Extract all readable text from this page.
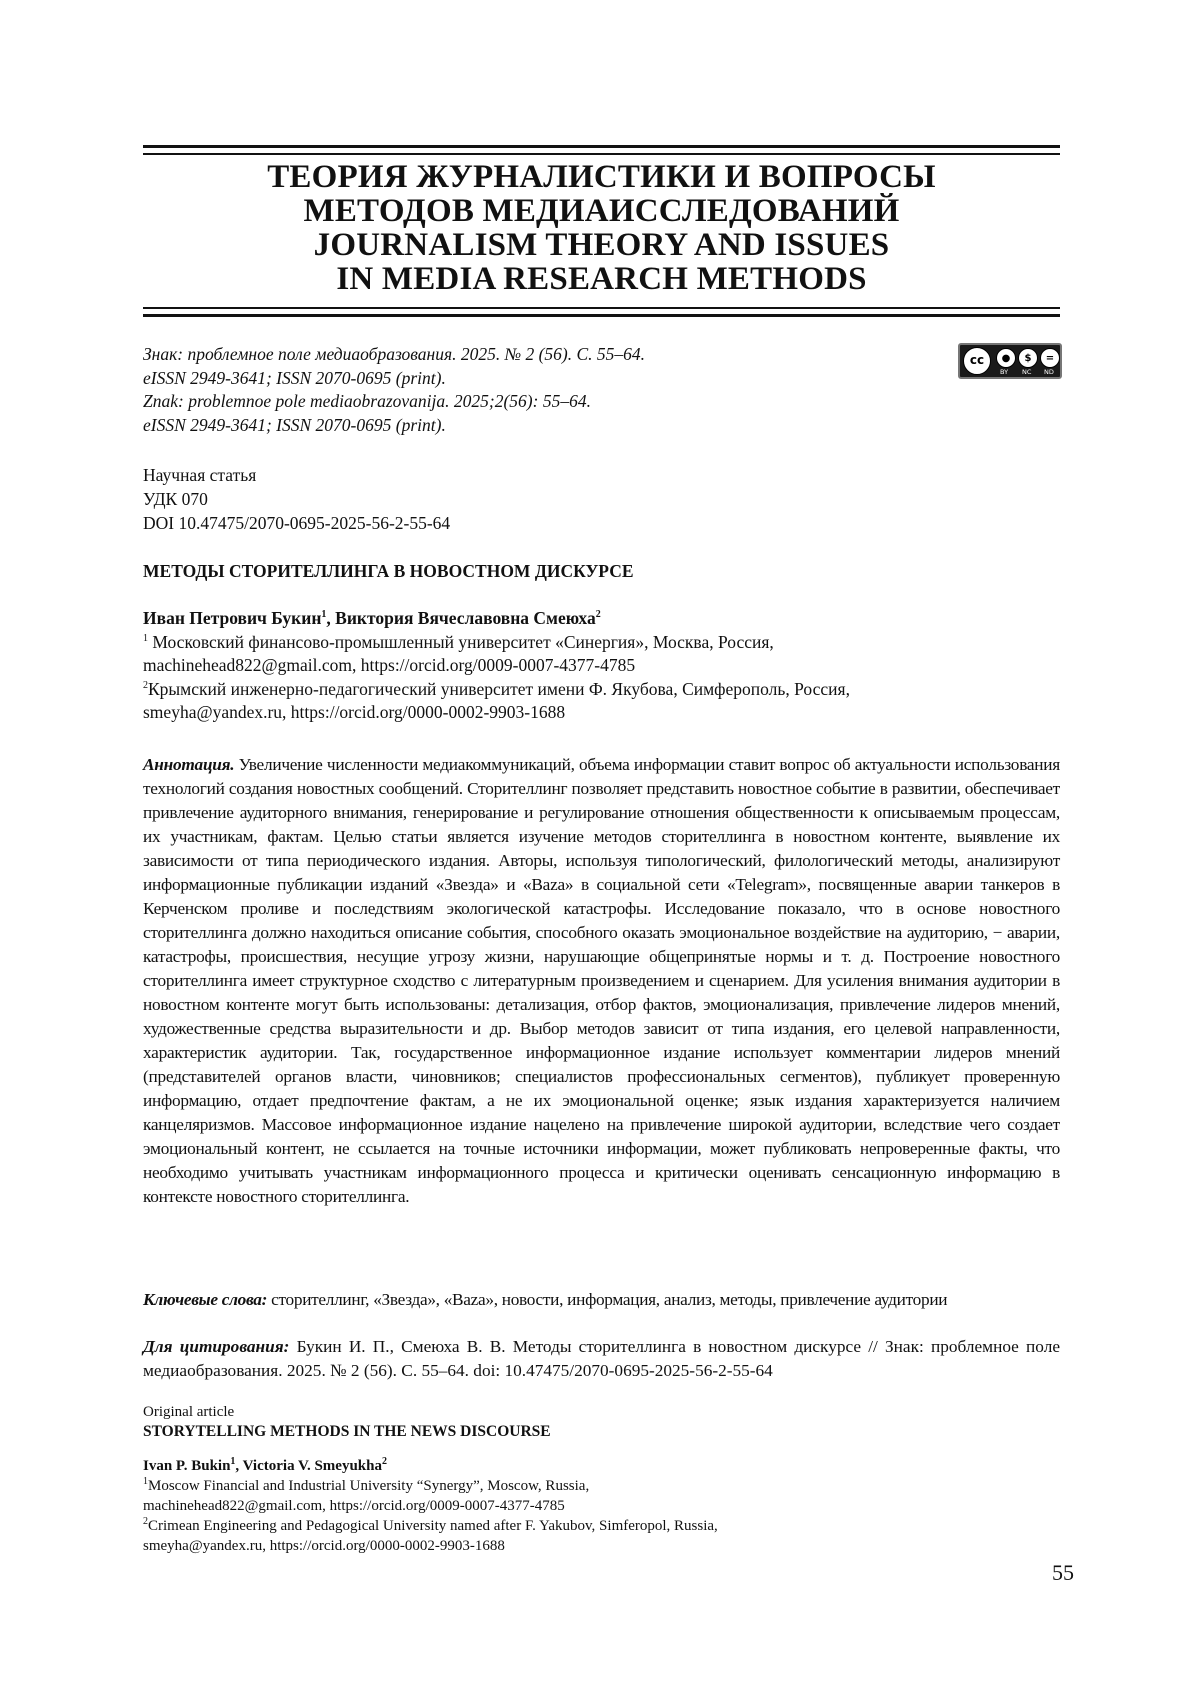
ТЕОРИЯ ЖУРНАЛИСТИКИ И ВОПРОСЫ
МЕТОДОВ МЕДИАИССЛЕДОВАНИЙ
JOURNALISM THEORY AND ISSUES
IN MEDIA RESEARCH METHODS
Знак: проблемное поле медиаобразования. 2025. № 2 (56). С. 55–64.
eISSN 2949-3641; ISSN 2070-0695 (print).
Znak: problemnoe pole mediaobrazovanija. 2025;2(56): 55–64.
eISSN 2949-3641; ISSN 2070-0695 (print).
cc	●	$	=
BY NC ND
Научная статья
УДК 070
DOI 10.47475/2070-0695-2025-56-2-55-64
МЕТОДЫ СТОРИТЕЛЛИНГА В НОВОСТНОМ ДИСКУРСЕ
Иван Петрович Букин$^1$, Виктория Вячеславовна Смеюха$^2$
$^1$ Московский финансово-промышленный университет «Синергия», Москва, Россия,
machinehead822@gmail.com, https://orcid.org/0009-0007-4377-4785
$^2$Крымский инженерно-педагогический университет имени Ф. Якубова, Симферополь, Россия,
smeyha@yandex.ru, https://orcid.org/0000-0002-9903-1688
Аннотация. Увеличение численности медиакоммуникаций, объема информации ставит вопрос об актуальности использования технологий создания новостных сообщений. Сторителлинг позволяет представить новостное событие в развитии, обеспечивает привлечение аудиторного внимания, генерирование и регулирование отношения общественности к описываемым процессам, их участникам, фактам. Целью статьи является изучение методов сторителлинга в новостном контенте, выявление их зависимости от типа периодического издания. Авторы, используя типологический, филологический методы, анализируют информационные публикации изданий «Звезда» и «Baza» в социальной сети «Telegram», посвященные аварии танкеров в Керченском проливе и последствиям экологической катастрофы. Исследование показало, что в основе новостного сторителлинга должно находиться описание события, способного оказать эмоциональное воздействие на аудиторию, − аварии, катастрофы, происшествия, несущие угрозу жизни, нарушающие общепринятые нормы и т. д. Построение новостного сторителлинга имеет структурное сходство с литературным произведением и сценарием. Для усиления внимания аудитории в новостном контенте могут быть использованы: детализация, отбор фактов, эмоционализация, привлечение лидеров мнений, художественные средства выразительности и др. Выбор методов зависит от типа издания, его целевой направленности, характеристик аудитории. Так, государственное информационное издание использует комментарии лидеров мнений (представителей органов власти, чиновников; специалистов профессиональных сегментов), публикует проверенную информацию, отдает предпочтение фактам, а не их эмоциональной оценке; язык издания характеризуется наличием канцеляризмов. Массовое информационное издание нацелено на привлечение широкой аудитории, вследствие чего создает эмоциональный контент, не ссылается на точные источники информации, может публиковать непроверенные факты, что необходимо учитывать участникам информационного процесса и критически оценивать сенсационную информацию в контексте новостного сторителлинга.
Ключевые слова: сторителлинг, «Звезда», «Baza», новости, информация, анализ, методы, привлечение аудитории
Для цитирования: Букин И. П., Смеюха В. В. Методы сторителлинга в новостном дискурсе // Знак: проблемное поле медиаобразования. 2025. № 2 (56). С. 55–64. doi: 10.47475/2070-0695-2025-56-2-55-64
Original article
STORYTELLING METHODS IN THE NEWS DISCOURSE
Ivan P. Bukin$^1$, Victoria V. Smeyukha$^2$
$^1$Moscow Financial and Industrial University “Synergy”, Moscow, Russia,
machinehead822@gmail.com, https://orcid.org/0009-0007-4377-4785
$^2$Crimean Engineering and Pedagogical University named after F. Yakubov, Simferopol, Russia,
smeyha@yandex.ru, https://orcid.org/0000-0002-9903-1688
55
